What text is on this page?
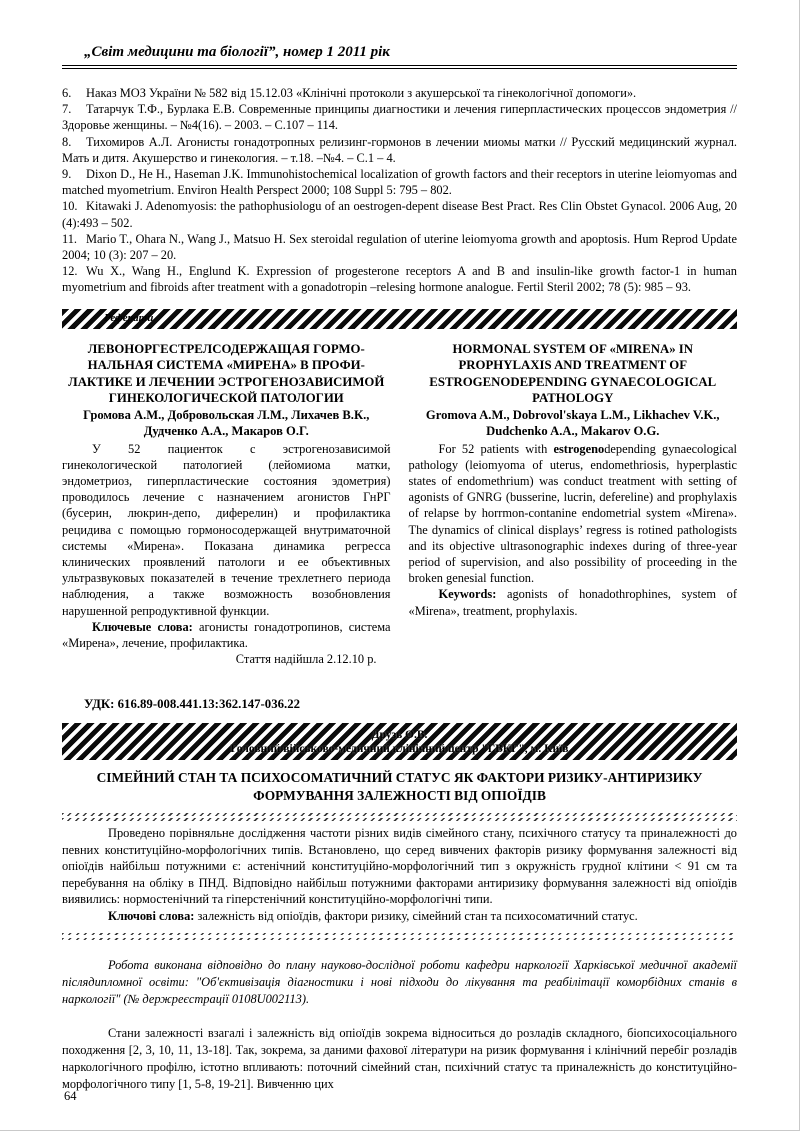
„Світ медицини та біології”, номер 1 2011 рік

6. Наказ МОЗ України № 582 від 15.12.03 «Клінічні протоколи з акушерської та гінекологічної допомоги».

7. Татарчук Т.Ф., Бурлака Е.В. Современные принципы диагностики и лечения гиперпластических процессов эндометрия // Здоровье женщины. – №4(16). – 2003. – С.107 – 114.

8. Тихомиров А.Л. Агонисты гонадотропных релизинг-гормонов в лечении миомы матки // Русский медицинский журнал. Мать и дитя. Акушерство и гинекология. – т.18. –№4. – С.1 – 4.

9. Dixon D., He H., Haseman J.K. Immunohistochemical localization of growth factors and their receptors in uterine leiomyomas and matched myometrium. Environ Health Perspect 2000; 108 Suppl 5: 795 – 802.

10. Kitawaki J. Adenomyosis: the pathophusiologu of an oestrogen-depent disease Best Pract. Res Clin Obstet Gynacol. 2006 Aug, 20 (4):493 – 502.

11. Mario T., Ohara N., Wang J., Matsuo H. Sex steroidal regulation of uterine leiomyoma growth and apoptosis. Hum Reprod Update 2004; 10 (3): 207 – 20.

12. Wu X., Wang H., Englund K. Expression of progesterone receptors A and B and insulin-like growth factor-1 in human myometrium and fibroids after treatment with a gonadotropin –relesing hormone analogue. Fertil Steril 2002; 78 (5): 985 – 93.

Реферати
ЛЕВОНОРГЕСТРЕЛСОДЕРЖАЩАЯ ГОРМОНАЛЬНАЯ СИСТЕМА «МИРЕНА» В ПРОФИЛАКТИКЕ И ЛЕЧЕНИИ ЭСТРОГЕНОЗАВИСИМОЙ ГИНЕКОЛОГИЧЕСКОЙ ПАТОЛОГИИ
Громова А.М., Добровольская Л.М., Лихачев В.К., Дудченко А.А., Макаров О.Г.

У 52 пациенток с эстрогенозависимой гинекологической патологией (лейомиома матки, эндометриоз, гиперпластические состояния эдометрия) проводилось лечение с назначением агонистов ГнРГ (бусерин, люкрин-депо, диферелин) и профилактика рецидива с помощью гормоносодержащей внутриматочной системы «Мирена». Показана динамика регресса клинических проявлений патологи и ее объективных ультразвуковых показателей в течение трехлетнего периода наблюдения, а также возможность возобновления нарушенной репродуктивной функции.

Ключевые слова: агонисты гонадотропинов, система «Мирена», лечение, профилактика.

Стаття надійшла 2.12.10 р.

HORMONAL SYSTEM OF «MIRENA» IN PROPHYLAXIS AND TREATMENT OF ESTROGENODEPENDING GYNAECOLOGICAL PATHOLOGY
Gromova A.M., Dobrovol'skaya L.M., Likhachev V.K., Dudchenko A.A., Makarov O.G.

For 52 patients with estrogenodepending gynaecological pathology (leiomyoma of uterus, endomethriosis, hyperplastic states of endomethrium) was conduct treatment with setting of agonists of GNRG (busserine, lucrin, defereline) and prophylaxis of relapse by horrmon-contanine endometrial system «Mirena». The dynamics of clinical displays’ regress is rotined pathologists and its objective ultrasonographic indexes during of three-year period of supervision, and also possibility of proceeding in the broken genesial function.

Keywords: agonists of honadothrophines, system of «Mirena», treatment, prophylaxis.

УДК: 616.89-008.441.13:362.147-036.22
Друзь О.В.
Головний військово-медичний клінічний центр "ГВКГ", м. Київ
СІМЕЙНИЙ СТАН ТА ПСИХОСОМАТИЧНИЙ СТАТУС ЯК ФАКТОРИ РИЗИКУ-АНТИРИЗИКУ ФОРМУВАННЯ ЗАЛЕЖНОСТІ ВІД ОПІОЇДІВ

Проведено порівняльне дослідження частоти різних видів сімейного стану, психічного статусу та приналежності до певних конституційно-морфологічних типів. Встановлено, що серед вивчених факторів ризику формування залежності від опіоїдів найбільш потужними є: астенічний конституційно-морфологічний тип з окружність грудної клітини < 91 см та перебування на обліку в ПНД. Відповідно найбільш потужними факторами антиризику формування залежності від опіоїдів виявились: нормостенічний та гіперстенічний конституційно-морфологічні типи.

Ключові слова: залежність від опіоїдів, фактори ризику, сімейний стан та психосоматичний статус.

Робота виконана відповідно до плану науково-дослідної роботи кафедри наркології Харківської медичної академії післядипломної освіти: "Об'єктивізація діагностики і нові підходи до лікування та реабілітації коморбідних станів в наркології" (№ держреєстрації 0108U002113).

Стани залежності взагалі і залежність від опіоїдів зокрема відноситься до розладів складного, біопсихосоціального походження [2, 3, 10, 11, 13-18]. Так, зокрема, за даними фахової літератури на ризик формування і клінічний перебіг розладів наркологічного профілю, істотно впливають: поточний сімейний стан, психічний статус та приналежність до конституційно-морфологічного типу [1, 5-8, 19-21]. Вивченню цих

64
